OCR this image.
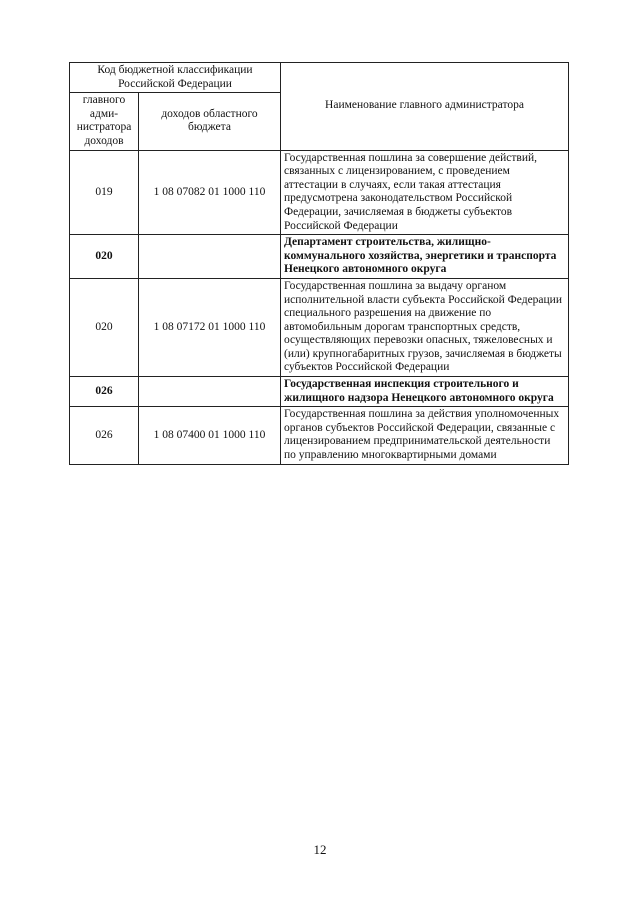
Код бюджетной классификации Российской Федерации		Наименование главного администратора
главного адми-нистратора доходов	доходов областного бюджета	
019	1 08 07082 01 1000 110	Государственная пошлина за совершение действий, связанных с лицензированием, с проведением аттестации в случаях, если такая аттестация предусмотрена законодательством Российской Федерации, зачисляемая в бюджеты субъектов Российской Федерации
020		Департамент строительства, жилищно-коммунального хозяйства, энергетики и транспорта Ненецкого автономного округа
020	1 08 07172 01 1000 110	Государственная пошлина за выдачу органом исполнительной власти субъекта Российской Федерации специального разрешения на движение по автомобильным дорогам транспортных средств, осуществляющих перевозки опасных, тяжеловесных и (или) крупногабаритных грузов, зачисляемая в бюджеты субъектов Российской Федерации
026		Государственная инспекция строительного и жилищного надзора Ненецкого автономного округа
026	1 08 07400 01 1000 110	Государственная пошлина за действия уполномоченных органов субъектов Российской Федерации, связанные с лицензированием предпринимательской деятельности по управлению многоквартирными домами
12
